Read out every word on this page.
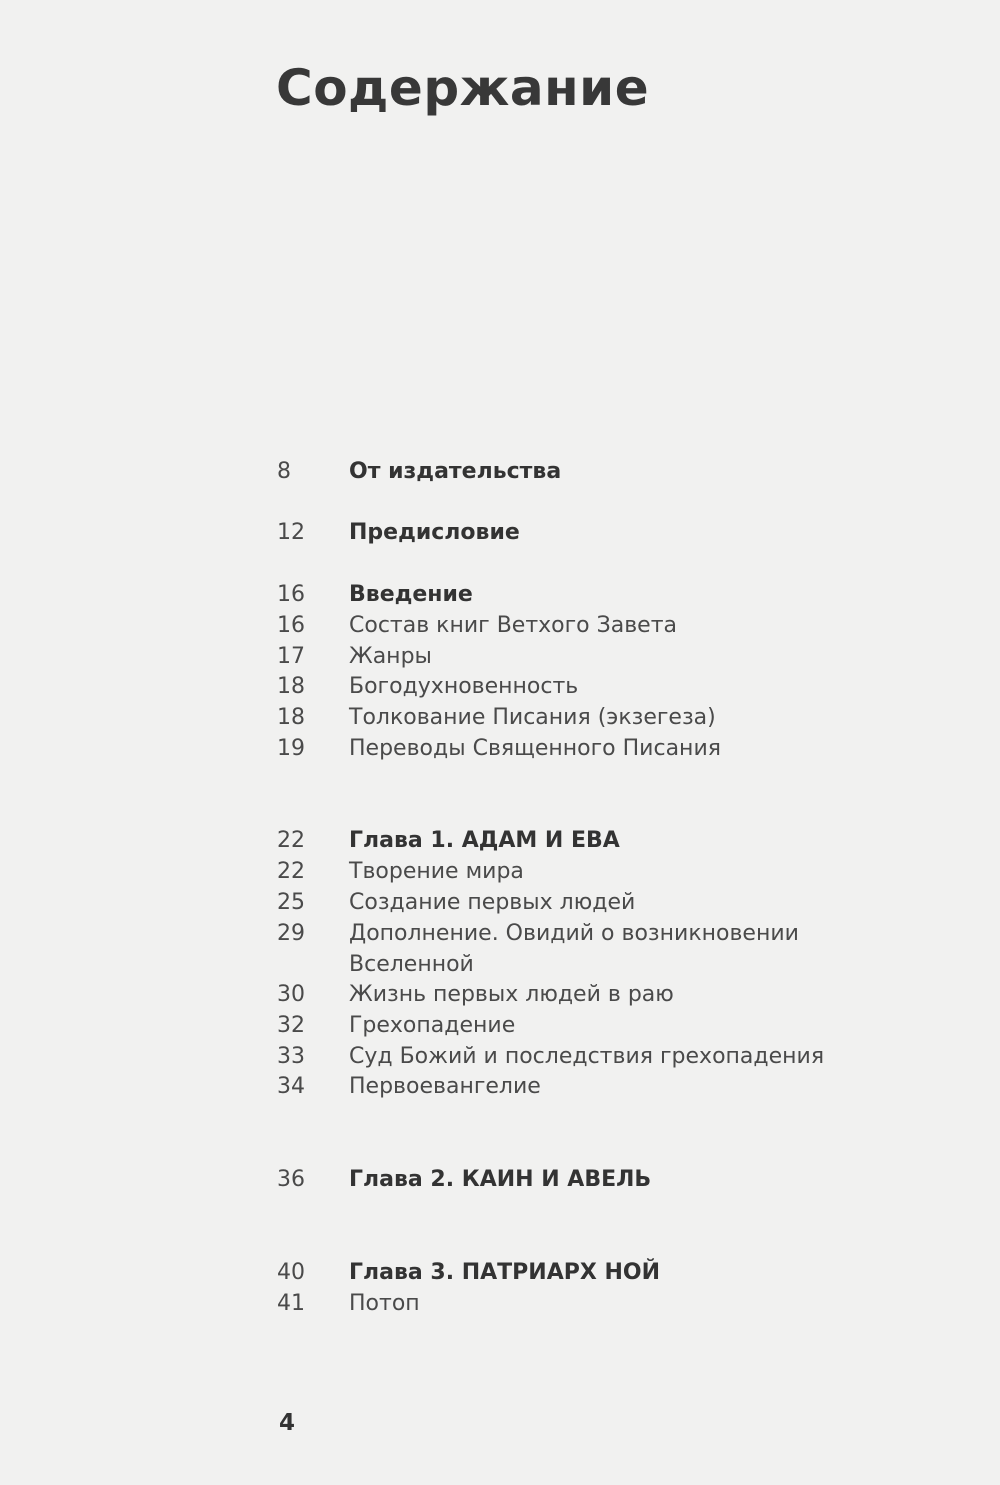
Содержание
8	От издательства
12 Предисловие
16 Введение
16 Состав книг Ветхого Завета
17 Жанры
18 Богодухновенность
18 Толкование Писания (экзегеза)
19 Переводы Священного Писания
22 Глава 1. АДАМ И ЕВА
22 Творение мира
25 Создание первых людей
29 Дополнение. Овидий о возникновении Вселенной
30 Жизнь первых людей в раю
32 Грехопадение
33 Суд Божий и последствия грехопадения
34 Первоевангелие
36 Глава 2. КАИН И АВЕЛЬ
40 Глава 3. ПАТРИАРХ НОЙ
41 Потоп
4
